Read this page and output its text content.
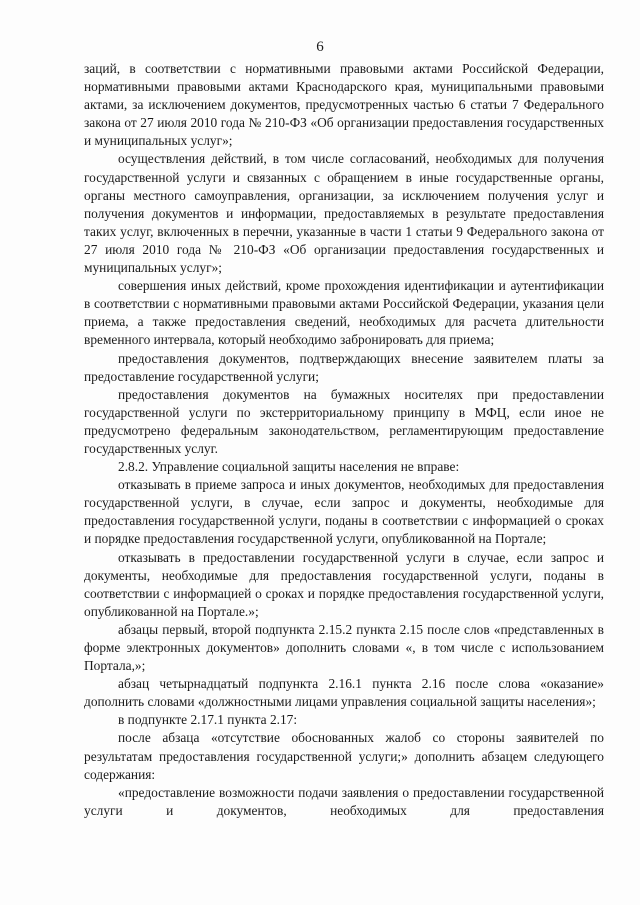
6

заций, в соответствии с нормативными правовыми актами Российской Федерации, нормативными правовыми актами Краснодарского края, муниципальными правовыми актами, за исключением документов, предусмотренных частью 6 статьи 7 Федерального закона от 27 июля 2010 года № 210-ФЗ «Об организации предоставления государственных и муниципальных услуг»;

осуществления действий, в том числе согласований, необходимых для получения государственной услуги и связанных с обращением в иные государственные органы, органы местного самоуправления, организации, за исключением получения услуг и получения документов и информации, предоставляемых в результате предоставления таких услуг, включенных в перечни, указанные в части 1 статьи 9 Федерального закона от 27 июля 2010 года № 210-ФЗ «Об организации предоставления государственных и муниципальных услуг»;

совершения иных действий, кроме прохождения идентификации и аутентификации в соответствии с нормативными правовыми актами Российской Федерации, указания цели приема, а также предоставления сведений, необходимых для расчета длительности временного интервала, который необходимо забронировать для приема;

предоставления документов, подтверждающих внесение заявителем платы за предоставление государственной услуги;

предоставления документов на бумажных носителях при предоставлении государственной услуги по экстерриториальному принципу в МФЦ, если иное не предусмотрено федеральным законодательством, регламентирующим предоставление государственных услуг.

2.8.2. Управление социальной защиты населения не вправе:

отказывать в приеме запроса и иных документов, необходимых для предоставления государственной услуги, в случае, если запрос и документы, необходимые для предоставления государственной услуги, поданы в соответствии с информацией о сроках и порядке предоставления государственной услуги, опубликованной на Портале;

отказывать в предоставлении государственной услуги в случае, если запрос и документы, необходимые для предоставления государственной услуги, поданы в соответствии с информацией о сроках и порядке предоставления государственной услуги, опубликованной на Портале.»;

абзацы первый, второй подпункта 2.15.2 пункта 2.15 после слов «представленных в форме электронных документов» дополнить словами «, в том числе с использованием Портала,»;

абзац четырнадцатый подпункта 2.16.1 пункта 2.16 после слова «оказание» дополнить словами «должностными лицами управления социальной защиты населения»;

в подпункте 2.17.1 пункта 2.17:

после абзаца «отсутствие обоснованных жалоб со стороны заявителей по результатам предоставления государственной услуги;» дополнить абзацем следующего содержания:

«предоставление возможности подачи заявления о предоставлении государственной услуги и документов, необходимых для предоставления
